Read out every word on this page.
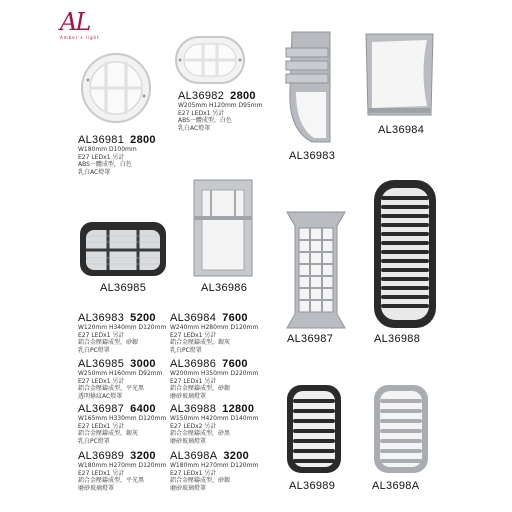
AL
Amber's light
AL36983
AL36984
AL36985	AL36986
AL36987	AL36988
AL36989	AL3698A
AL36981 2800
W180mm D100mm
E27 LEDx1 另計
ABS一體成型，白色
乳白AC燈罩
AL36982 2800
W205mm H120mm D95mm
E27 LEDx1 另計
ABS一體成型，白色
乳白AC燈罩
AL36983 5200
W120mm H340mm D120mm
E27 LEDx1 另計
鋁合金壓鑄成型，砂銀
乳白PC燈罩
AL36984 7600
W240mm H280mm D120mm
E27 LEDx1 另計
鋁合金壓鑄成型，銀灰
乳白PC燈罩
AL36985 3000
W250mm H160mm D92mm
E27 LEDx1 另計
鋁合金壓鑄成型，平光黑
透明條紋AC燈罩
AL36986 7600
W200mm H350mm D220mm
E27 LEDx1 另計
鋁合金壓鑄成型，砂銀
磨砂玻璃燈罩
AL36987 6400
W165mm H330mm D120mm
E27 LEDx1 另計
鋁合金壓鑄成型，銀灰
乳白PC燈罩
AL36988 12800
W150mm H420mm D140mm
E27 LEDx2 另計
鋁合金壓鑄成型，砂黑
磨砂玻璃燈罩
AL36989 3200
W180mm H270mm D120mm
E27 LEDx1 另計
鋁合金壓鑄成型，平光黑
磨砂玻璃燈罩
AL3698A 3200
W180mm H270mm D120mm
E27 LEDx1 另計
鋁合金壓鑄成型，砂銀
磨砂玻璃燈罩
